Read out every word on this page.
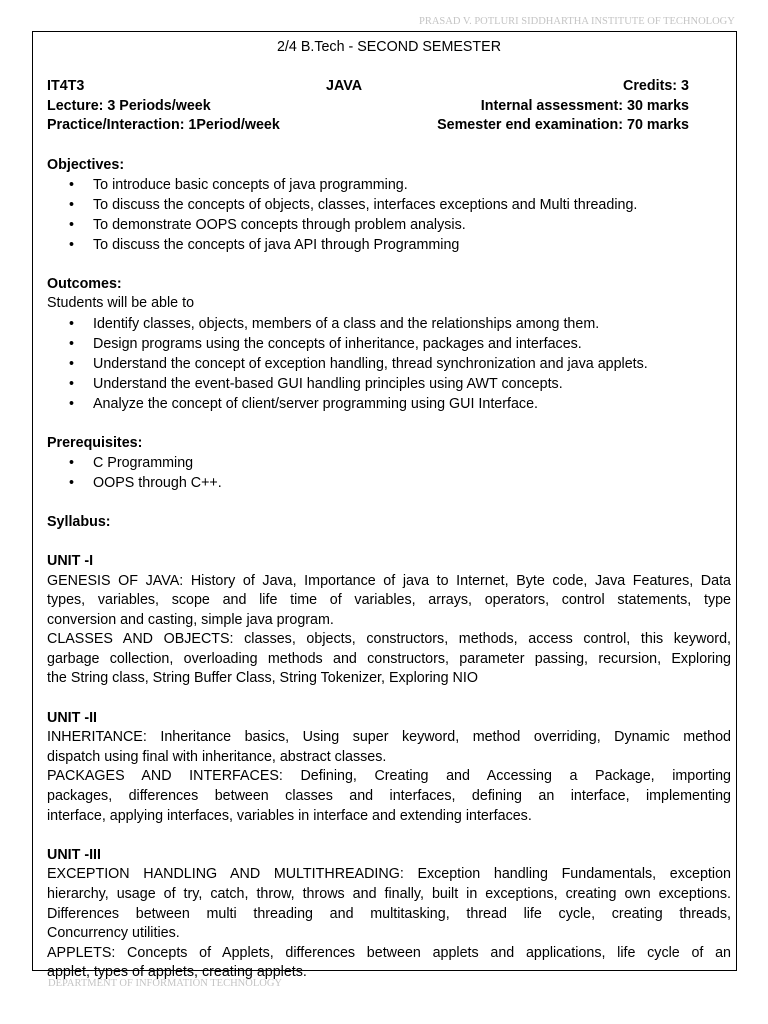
PRASAD V. POTLURI SIDDHARTHA INSTITUTE OF TECHNOLOGY
2/4 B.Tech - SECOND SEMESTER
IT4T3	JAVA	Credits: 3
Lecture: 3 Periods/week	Internal assessment: 30 marks
Practice/Interaction: 1Period/week	Semester end examination: 70 marks
Objectives:
• To introduce basic concepts of java programming.
• To discuss the concepts of objects, classes, interfaces exceptions and Multi threading.
• To demonstrate OOPS concepts through problem analysis.
• To discuss the concepts of java API through Programming
Outcomes:
Students will be able to
• Identify classes, objects, members of a class and the relationships among them.
• Design programs using the concepts of inheritance, packages and interfaces.
• Understand the concept of exception handling, thread synchronization and java applets.
• Understand the event-based GUI handling principles using AWT concepts.
• Analyze the concept of client/server programming using GUI Interface.
Prerequisites:
• C Programming
• OOPS through C++.
Syllabus:
UNIT -I
GENESIS OF JAVA: History of Java, Importance of java to Internet, Byte code, Java Features, Data
types, variables, scope and life time of variables, arrays, operators, control statements, type
conversion and casting, simple java program.
CLASSES AND OBJECTS: classes, objects, constructors, methods, access control, this keyword,
garbage collection, overloading methods and constructors, parameter passing, recursion, Exploring
the String class, String Buffer Class, String Tokenizer, Exploring NIO
UNIT -II
INHERITANCE: Inheritance basics, Using super keyword, method overriding, Dynamic method
dispatch using final with inheritance, abstract classes.
PACKAGES AND INTERFACES: Defining, Creating and Accessing a Package, importing
packages, differences between classes and interfaces, defining an interface, implementing
interface, applying interfaces, variables in interface and extending interfaces.
UNIT -III
EXCEPTION HANDLING AND MULTITHREADING: Exception handling Fundamentals, exception
hierarchy, usage of try, catch, throw, throws and finally, built in exceptions, creating own exceptions.
Differences between multi threading and multitasking, thread life cycle, creating threads,
Concurrency utilities.
APPLETS: Concepts of Applets, differences between applets and applications, life cycle of an
applet, types of applets, creating applets.
DEPARTMENT OF INFORMATION TECHNOLOGY
